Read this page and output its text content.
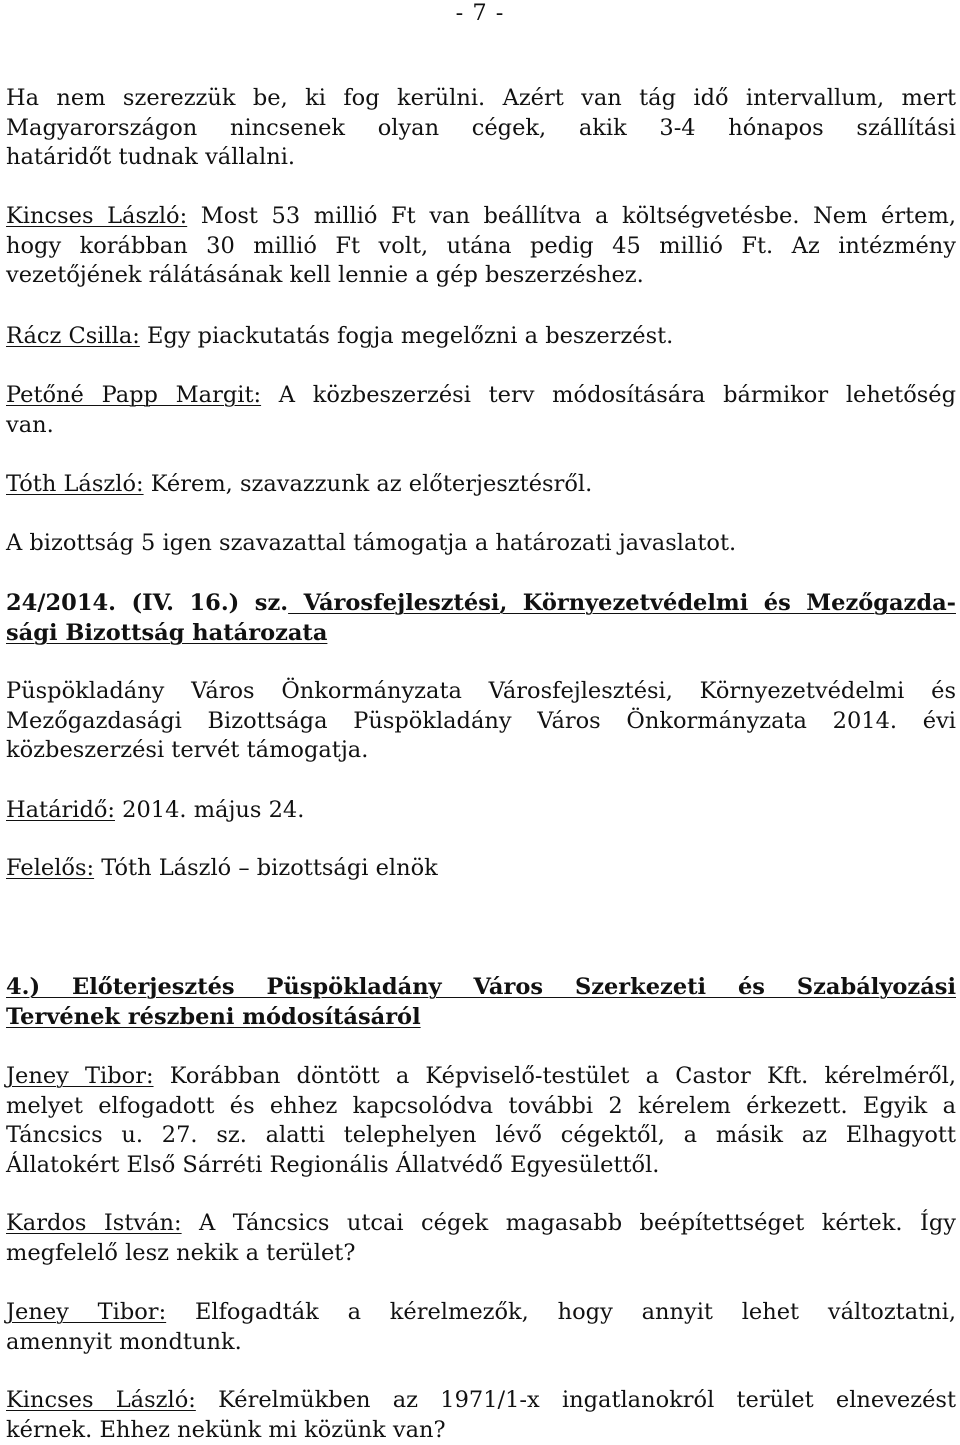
- 7 -
Ha nem szerezzük be, ki fog kerülni. Azért van tág idő intervallum, mert
Magyarországon nincsenek olyan cégek, akik 3-4 hónapos szállítási
határidőt tudnak vállalni.
Kincses László: Most 53 millió Ft van beállítva a költségvetésbe. Nem értem,
hogy korábban 30 millió Ft volt, utána pedig 45 millió Ft. Az intézmény
vezetőjének rálátásának kell lennie a gép beszerzéshez.
Rácz Csilla: Egy piackutatás fogja megelőzni a beszerzést.
Petőné Papp Margit: A közbeszerzési terv módosítására bármikor lehetőség
van.
Tóth László: Kérem, szavazzunk az előterjesztésről.
A bizottság 5 igen szavazattal támogatja a határozati javaslatot.
24/2014. (IV. 16.) sz. Városfejlesztési, Környezetvédelmi és Mezőgazda-
sági Bizottság határozata
Püspökladány Város Önkormányzata Városfejlesztési, Környezetvédelmi és
Mezőgazdasági Bizottsága Püspökladány Város Önkormányzata 2014. évi
közbeszerzési tervét támogatja.
Határidő: 2014. május 24.
Felelős: Tóth László – bizottsági elnök
4.) Előterjesztés Püspökladány Város Szerkezeti és Szabályozási
Tervének részbeni módosításáról
Jeney Tibor: Korábban döntött a Képviselő-testület a Castor Kft. kérelméről,
melyet elfogadott és ehhez kapcsolódva további 2 kérelem érkezett. Egyik a
Táncsics u. 27. sz. alatti telephelyen lévő cégektől, a másik az Elhagyott
Állatokért Első Sárréti Regionális Állatvédő Egyesülettől.
Kardos István: A Táncsics utcai cégek magasabb beépítettséget kértek. Így
megfelelő lesz nekik a terület?
Jeney Tibor: Elfogadták a kérelmezők, hogy annyit lehet változtatni,
amennyit mondtunk.
Kincses László: Kérelmükben az 1971/1-x ingatlanokról terület elnevezést
kérnek. Ehhez nekünk mi közünk van?
